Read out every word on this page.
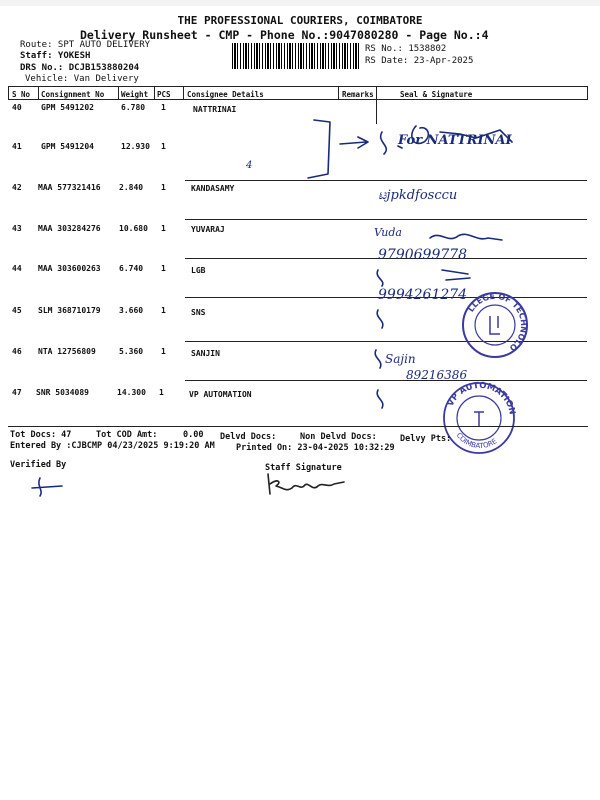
THE PROFESSIONAL COURIERS, COIMBATORE
Delivery Runsheet - CMP - Phone No.:9047080280 - Page No.:4
Route: SPT AUTO DELIVERY
Staff: YOKESH
DRS No.: DCJB153880204
Vehicle: Van Delivery
RS No.: 1538802
RS Date: 23-Apr-2025
S No Consignment No Weight PCS Consignee Details	Remarks	Seal & Signature
40 GPM 5491202	6.780 1	NATTRINAI
41 GPM 5491204	12.930 1
42 MAA 577321416 2.840 1	KANDASAMY
43 MAA 303284276 10.680 1	YUVARAJ
44 MAA 303600263 6.740 1	LGB
45 SLM 368710179 3.660 1	SNS
46 NTA 12756809	5.360 1	SANJIN
47 SNR 5034089	14.300 1	VP AUTOMATION
4
For NATTRINAI
ಟjpkdfosccu
Vuda
9790699778
9994261274
Sajin
89216386
LLEGE OF TECHNOLO
VP AUTOMATION
COIMBATORE
Tot Docs: 47	Tot COD Amt:     0.00 Delvd Docs:	Non Delvd Docs:	Delvy Pts:
Entered By :CJBCMP 04/23/2025 9:19:20 AM	Printed On: 23-04-2025 10:32:29
Verified By	Staff Signature
